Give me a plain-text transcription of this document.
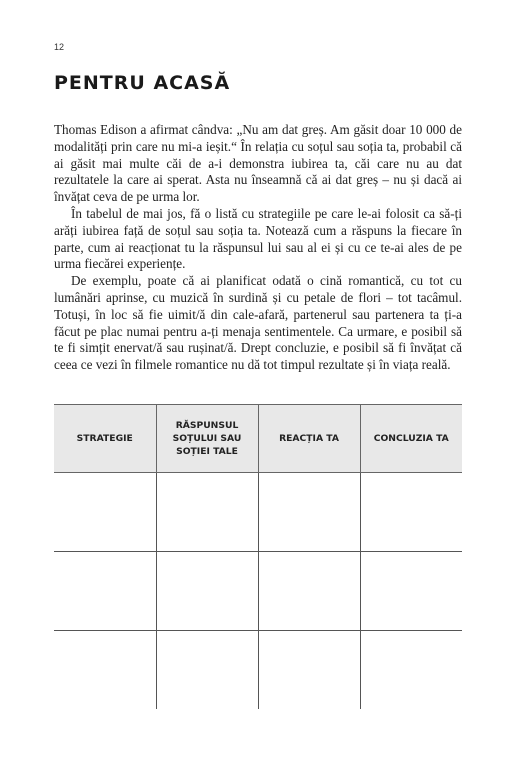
12
PENTRU ACASĂ

Thomas Edison a afirmat cândva: „Nu am dat greș. Am găsit doar 10 000 de modalități prin care nu mi-a ieșit.“ În relația cu soțul sau soția ta, probabil că ai găsit mai multe căi de a-i demonstra iubirea ta, căi care nu au dat rezultatele la care ai sperat. Asta nu înseamnă că ai dat greș – nu și dacă ai învățat ceva de pe urma lor.

În tabelul de mai jos, fă o listă cu strategiile pe care le-ai folosit ca să-ți arăți iubirea față de soțul sau soția ta. Notează cum a răspuns la fiecare în parte, cum ai reacționat tu la răspunsul lui sau al ei și cu ce te-ai ales de pe urma fiecărei experiențe.

De exemplu, poate că ai planificat odată o cină romantică, cu tot cu lumânări aprinse, cu muzică în surdină și cu petale de flori – tot tacâmul. Totuși, în loc să fie uimit/ă din cale-afară, partenerul sau partenera ta ți-a făcut pe plac numai pentru a-ți menaja sentimentele. Ca urmare, e posibil să te fi simțit enervat/ă sau rușinat/ă. Drept concluzie, e posibil să fi învățat că ceea ce vezi în filmele romantice nu dă tot timpul rezultate și în viața reală.

STRATEGIE	RĂSPUNSUL SOȚULUI SAU SOȚIEI TALE	REACȚIA TA	CONCLUZIA TA
